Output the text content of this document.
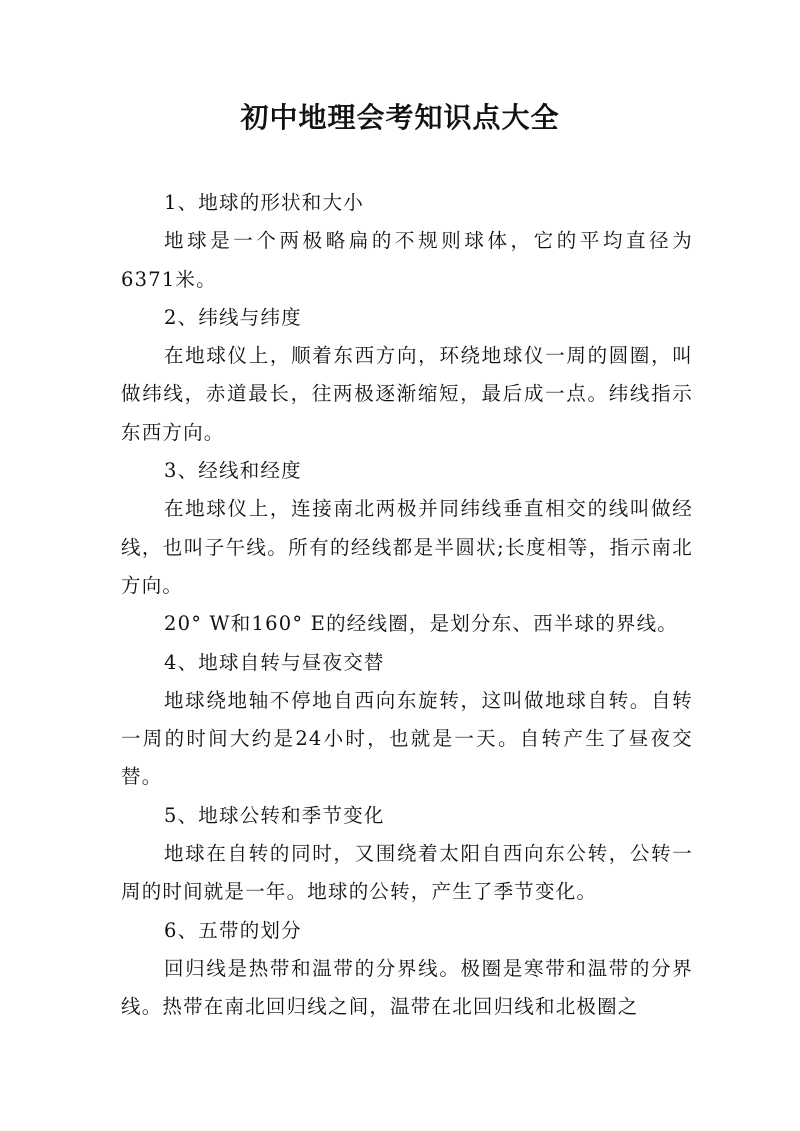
初中地理会考知识点大全

1、地球的形状和大小

地球是一个两极略扁的不规则球体，它的平均直径为6371米。

2、纬线与纬度

在地球仪上，顺着东西方向，环绕地球仪一周的圆圈，叫做纬线，赤道最长，往两极逐渐缩短，最后成一点。纬线指示东西方向。

3、经线和经度

在地球仪上，连接南北两极并同纬线垂直相交的线叫做经线，也叫子午线。所有的经线都是半圆状;长度相等，指示南北方向。

20° W和160° E的经线圈，是划分东、西半球的界线。

4、地球自转与昼夜交替

地球绕地轴不停地自西向东旋转，这叫做地球自转。自转一周的时间大约是24小时，也就是一天。自转产生了昼夜交替。

5、地球公转和季节变化

地球在自转的同时，又围绕着太阳自西向东公转，公转一周的时间就是一年。地球的公转，产生了季节变化。

6、五带的划分

回归线是热带和温带的分界线。极圈是寒带和温带的分界线。热带在南北回归线之间，温带在北回归线和北极圈之
